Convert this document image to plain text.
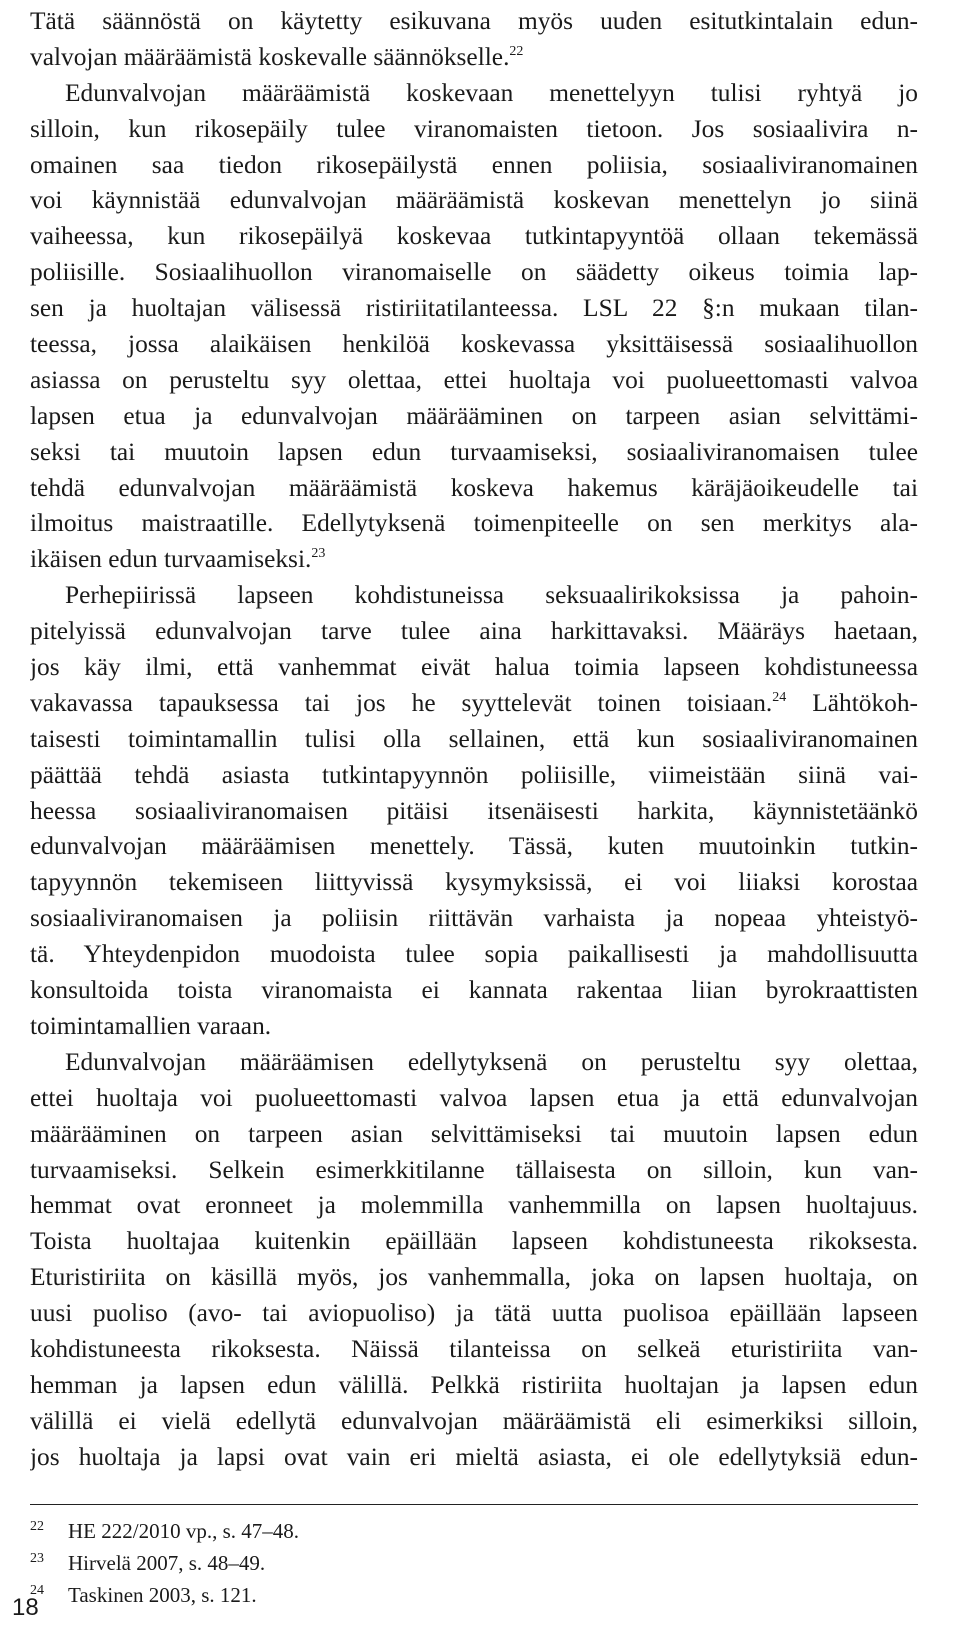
Tätä säännöstä on käytetty esikuvana myös uuden esitutkintalain edun-
valvojan määräämistä koskevalle säännökselle.$^{22}$
Edunvalvojan määräämistä koskevaan menettelyyn tulisi ryhtyä jo
silloin, kun rikosepäily tulee viranomaisten tietoon. Jos sosiaalivira n-
omainen saa tiedon rikosepäilystä ennen poliisia, sosiaaliviranomainen
voi käynnistää edunvalvojan määräämistä koskevan menettelyn jo siinä
vaiheessa, kun rikosepäilyä koskevaa tutkintapyyntöä ollaan tekemässä
poliisille. Sosiaalihuollon viranomaiselle on säädetty oikeus toimia lap-
sen ja huoltajan välisessä ristiriitatilanteessa. LSL 22 §:n mukaan tilan-
teessa, jossa alaikäisen henkilöä koskevassa yksittäisessä sosiaalihuollon
asiassa on perusteltu syy olettaa, ettei huoltaja voi puolueettomasti valvoa
lapsen etua ja edunvalvojan määrääminen on tarpeen asian selvittämi-
seksi tai muutoin lapsen edun turvaamiseksi, sosiaaliviranomaisen tulee
tehdä edunvalvojan määräämistä koskeva hakemus käräjäoikeudelle tai
ilmoitus maistraatille. Edellytyksenä toimenpiteelle on sen merkitys ala-
ikäisen edun turvaamiseksi.$^{23}$
Perhepiirissä lapseen kohdistuneissa seksuaalirikoksissa ja pahoin-
pitelyissä edunvalvojan tarve tulee aina harkittavaksi. Määräys haetaan,
jos käy ilmi, että vanhemmat eivät halua toimia lapseen kohdistuneessa
vakavassa tapauksessa tai jos he syyttelevät toinen toisiaan.$^{24}$ Lähtökoh-
taisesti toimintamallin tulisi olla sellainen, että kun sosiaaliviranomainen
päättää tehdä asiasta tutkintapyynnön poliisille, viimeistään siinä vai-
heessa sosiaaliviranomaisen pitäisi itsenäisesti harkita, käynnistetäänkö
edunvalvojan määräämisen menettely. Tässä, kuten muutoinkin tutkin-
tapyynnön tekemiseen liittyvissä kysymyksissä, ei voi liiaksi korostaa
sosiaaliviranomaisen ja poliisin riittävän varhaista ja nopeaa yhteistyö-
tä. Yhteydenpidon muodoista tulee sopia paikallisesti ja mahdollisuutta
konsultoida toista viranomaista ei kannata rakentaa liian byrokraattisten
toimintamallien varaan.
Edunvalvojan määräämisen edellytyksenä on perusteltu syy olettaa,
ettei huoltaja voi puolueettomasti valvoa lapsen etua ja että edunvalvojan
määrääminen on tarpeen asian selvittämiseksi tai muutoin lapsen edun
turvaamiseksi. Selkein esimerkkitilanne tällaisesta on silloin, kun van-
hemmat ovat eronneet ja molemmilla vanhemmilla on lapsen huoltajuus.
Toista huoltajaa kuitenkin epäillään lapseen kohdistuneesta rikoksesta.
Eturistiriita on käsillä myös, jos vanhemmalla, joka on lapsen huoltaja, on
uusi puoliso (avo- tai aviopuoliso) ja tätä uutta puolisoa epäillään lapseen
kohdistuneesta rikoksesta. Näissä tilanteissa on selkeä eturistiriita van-
hemman ja lapsen edun välillä. Pelkkä ristiriita huoltajan ja lapsen edun
välillä ei vielä edellytä edunvalvojan määräämistä eli esimerkiksi silloin,
jos huoltaja ja lapsi ovat vain eri mieltä asiasta, ei ole edellytyksiä edun-
22 HE 222/2010 vp., s. 47–48.
23 Hirvelä 2007, s. 48–49.
24 Taskinen 2003, s. 121.
18
